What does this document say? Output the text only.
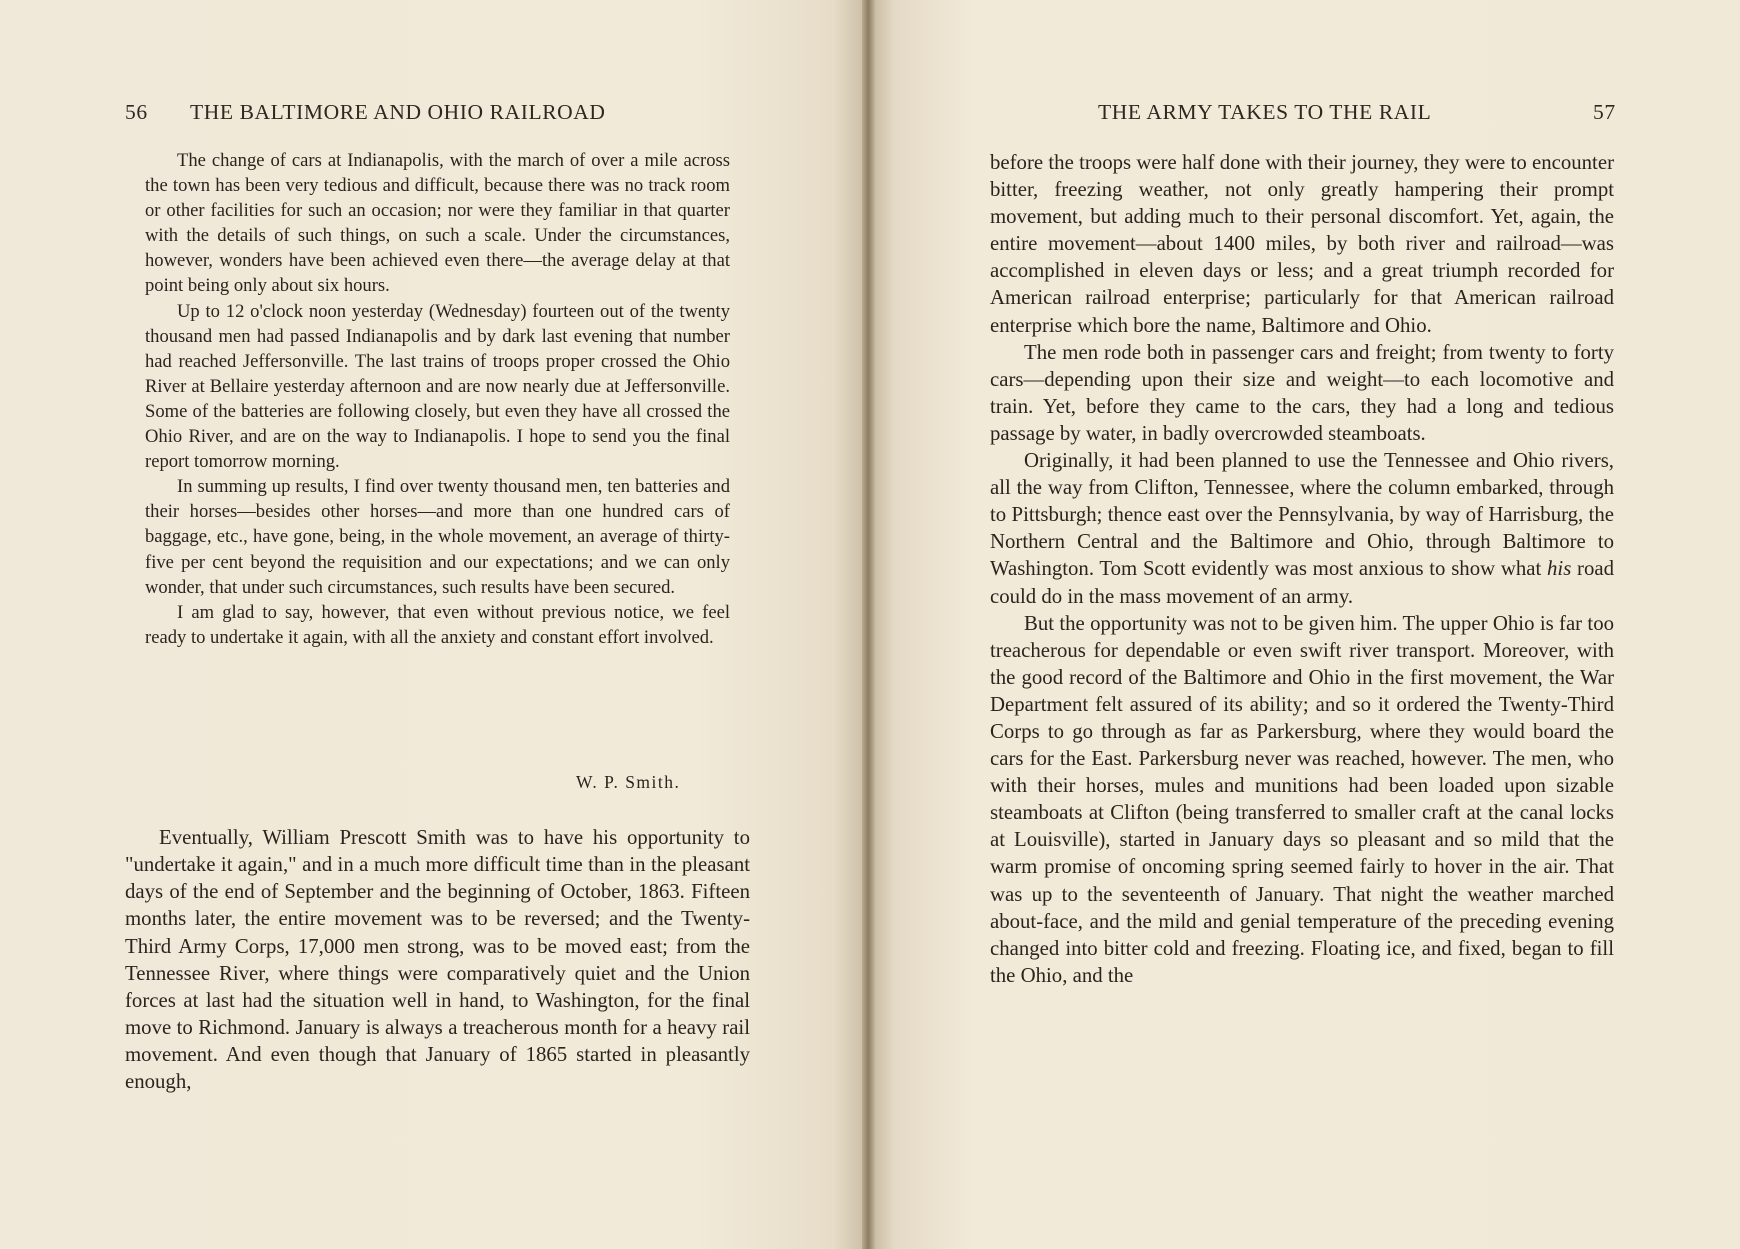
56 THE BALTIMORE AND OHIO RAILROAD

The change of cars at Indianapolis, with the march of over a mile across the town has been very tedious and difficult, because there was no track room or other facilities for such an occasion; nor were they familiar in that quarter with the details of such things, on such a scale. Under the circumstances, however, wonders have been achieved even there—the average delay at that point being only about six hours.

Up to 12 o'clock noon yesterday (Wednesday) fourteen out of the twenty thousand men had passed Indianapolis and by dark last evening that number had reached Jeffersonville. The last trains of troops proper crossed the Ohio River at Bellaire yesterday afternoon and are now nearly due at Jeffersonville. Some of the batteries are following closely, but even they have all crossed the Ohio River, and are on the way to Indianapolis. I hope to send you the final report tomorrow morning.

In summing up results, I find over twenty thousand men, ten batteries and their horses—besides other horses—and more than one hundred cars of baggage, etc., have gone, being, in the whole movement, an average of thirty-five per cent beyond the requisition and our expectations; and we can only wonder, that under such circumstances, such results have been secured.

I am glad to say, however, that even without previous notice, we feel ready to undertake it again, with all the anxiety and constant effort involved.

W. P. Smith.

Eventually, William Prescott Smith was to have his opportunity to "undertake it again," and in a much more difficult time than in the pleasant days of the end of September and the beginning of October, 1863. Fifteen months later, the entire movement was to be reversed; and the Twenty-Third Army Corps, 17,000 men strong, was to be moved east; from the Tennessee River, where things were comparatively quiet and the Union forces at last had the situation well in hand, to Washington, for the final move to Richmond. January is always a treacherous month for a heavy rail movement. And even though that January of 1865 started in pleasantly enough,

THE ARMY TAKES TO THE RAIL	57

before the troops were half done with their journey, they were to encounter bitter, freezing weather, not only greatly hampering their prompt movement, but adding much to their personal discomfort. Yet, again, the entire movement—about 1400 miles, by both river and railroad—was accomplished in eleven days or less; and a great triumph recorded for American railroad enterprise; particularly for that American railroad enterprise which bore the name, Baltimore and Ohio.

The men rode both in passenger cars and freight; from twenty to forty cars—depending upon their size and weight—to each locomotive and train. Yet, before they came to the cars, they had a long and tedious passage by water, in badly overcrowded steamboats.

Originally, it had been planned to use the Tennessee and Ohio rivers, all the way from Clifton, Tennessee, where the column embarked, through to Pittsburgh; thence east over the Pennsylvania, by way of Harrisburg, the Northern Central and the Baltimore and Ohio, through Baltimore to Washington. Tom Scott evidently was most anxious to show what his road could do in the mass movement of an army.

But the opportunity was not to be given him. The upper Ohio is far too treacherous for dependable or even swift river transport. Moreover, with the good record of the Baltimore and Ohio in the first movement, the War Department felt assured of its ability; and so it ordered the Twenty-Third Corps to go through as far as Parkersburg, where they would board the cars for the East. Parkersburg never was reached, however. The men, who with their horses, mules and munitions had been loaded upon sizable steamboats at Clifton (being transferred to smaller craft at the canal locks at Louisville), started in January days so pleasant and so mild that the warm promise of oncoming spring seemed fairly to hover in the air. That was up to the seventeenth of January. That night the weather marched about-face, and the mild and genial temperature of the preceding evening changed into bitter cold and freezing. Floating ice, and fixed, began to fill the Ohio, and the
